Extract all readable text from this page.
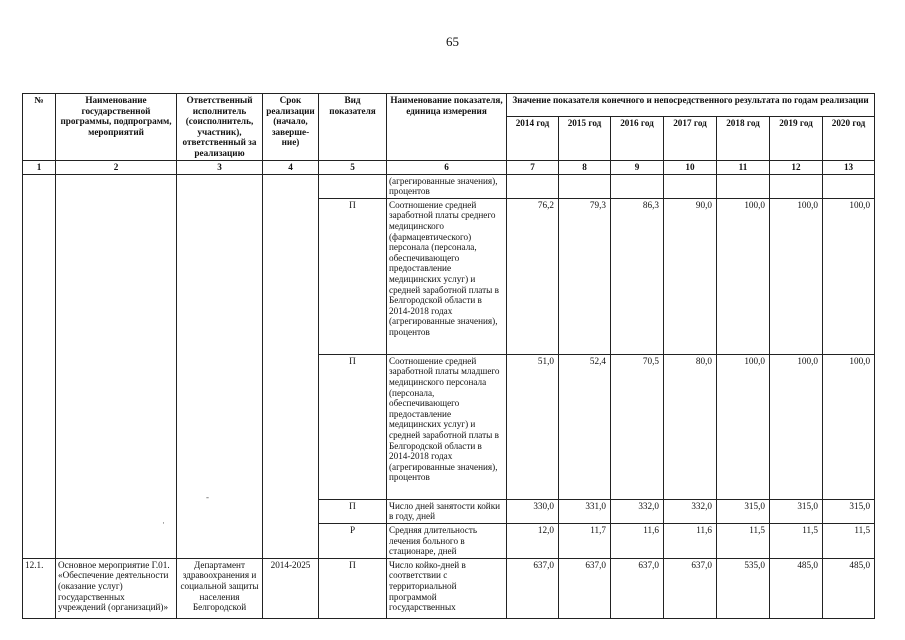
65
№	Наименование государственной программы, подпрограмм, мероприятий	Ответственный исполнитель (соисполнитель, участник), ответственный за реализацию	Срок реализации (начало, заверше-ние)	Вид показателя	Наименование показателя, единица измерения	Значение показателя конечного и непосредственного результата по годам реализации						
						2014 год	2015 год	2016 год	2017 год	2018 год	2019 год	2020 год
1	2	3	4	5	6	7	8	9	10	11	12	13
					(агрегированные значения), процентов							
				П	Соотношение средней заработной платы среднего медицинского (фармацевтического) персонала (персонала, обеспечивающего предоставление медицинских услуг) и средней заработной платы в Белгородской области в 2014-2018 годах (агрегированные значения), процентов	76,2	79,3	86,3	90,0	100,0	100,0	100,0
				П	Соотношение средней заработной платы младшего медицинского персонала (персонала, обеспечивающего предоставление медицинских услуг) и средней заработной платы в Белгородской области в 2014-2018 годах (агрегированные значения), процентов	51,0	52,4	70,5	80,0	100,0	100,0	100,0
				П	Число дней занятости койки в году, дней	330,0	331,0	332,0	332,0	315,0	315,0	315,0
				Р	Средняя длительность лечения больного в стационаре, дней	12,0	11,7	11,6	11,6	11,5	11,5	11,5
12.1.	Основное мероприятие Г.01. «Обеспечение деятельности (оказание услуг) государственных учреждений (организаций)»	Департамент здравоохранения и социальной защиты населения Белгородской	2014-2025	П	Число койко-дней в соответствии с территориальной программой государственных	637,0	637,0	637,0	637,0	535,0	485,0	485,0
-
·
